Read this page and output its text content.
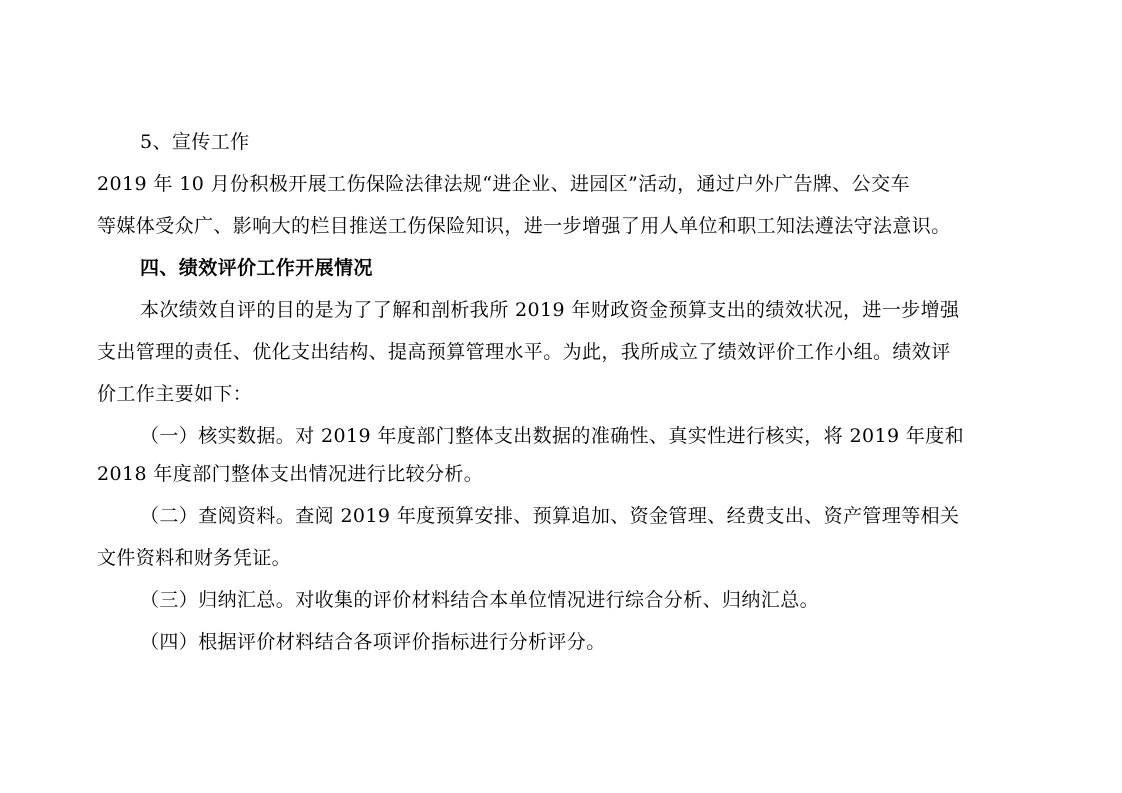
5、宣传工作
2019 年 10 月份积极开展工伤保险法律法规“进企业、进园区”活动，通过户外广告牌、公交车
等媒体受众广、影响大的栏目推送工伤保险知识，进一步增强了用人单位和职工知法遵法守法意识。
四、绩效评价工作开展情况
本次绩效自评的目的是为了了解和剖析我所 2019 年财政资金预算支出的绩效状况，进一步增强
支出管理的责任、优化支出结构、提高预算管理水平。为此，我所成立了绩效评价工作小组。绩效评
价工作主要如下：
（一）核实数据。对 2019 年度部门整体支出数据的准确性、真实性进行核实，将 2019 年度和
2018 年度部门整体支出情况进行比较分析。
（二）查阅资料。查阅 2019 年度预算安排、预算追加、资金管理、经费支出、资产管理等相关
文件资料和财务凭证。
（三）归纳汇总。对收集的评价材料结合本单位情况进行综合分析、归纳汇总。
（四）根据评价材料结合各项评价指标进行分析评分。
